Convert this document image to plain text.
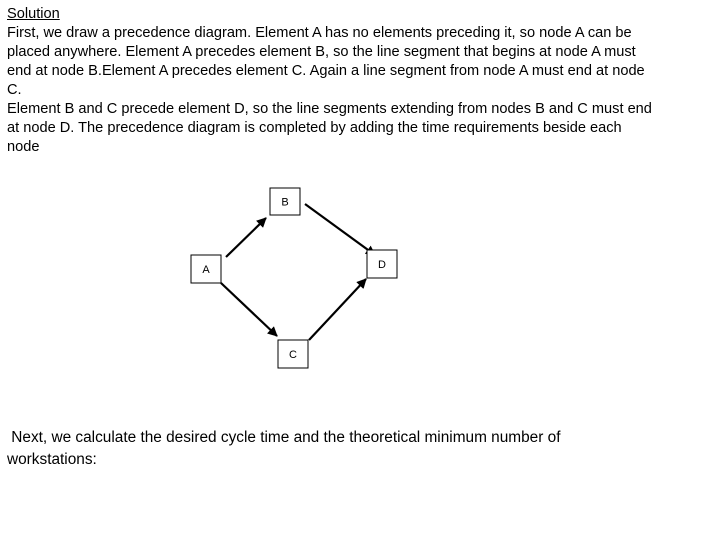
Solution
First, we draw a precedence diagram. Element A has no elements preceding it, so node A can be placed anywhere. Element A precedes element B, so the line segment that begins at node A must end at node B.Element A precedes element C. Again a line segment from node A must end at node C.
Element B and C precede element D, so the line segments extending from nodes B and C must end at node D. The precedence diagram is completed by adding the time requirements beside each node
A
B
C
D
Next, we calculate the desired cycle time and the theoretical minimum number of workstations:
